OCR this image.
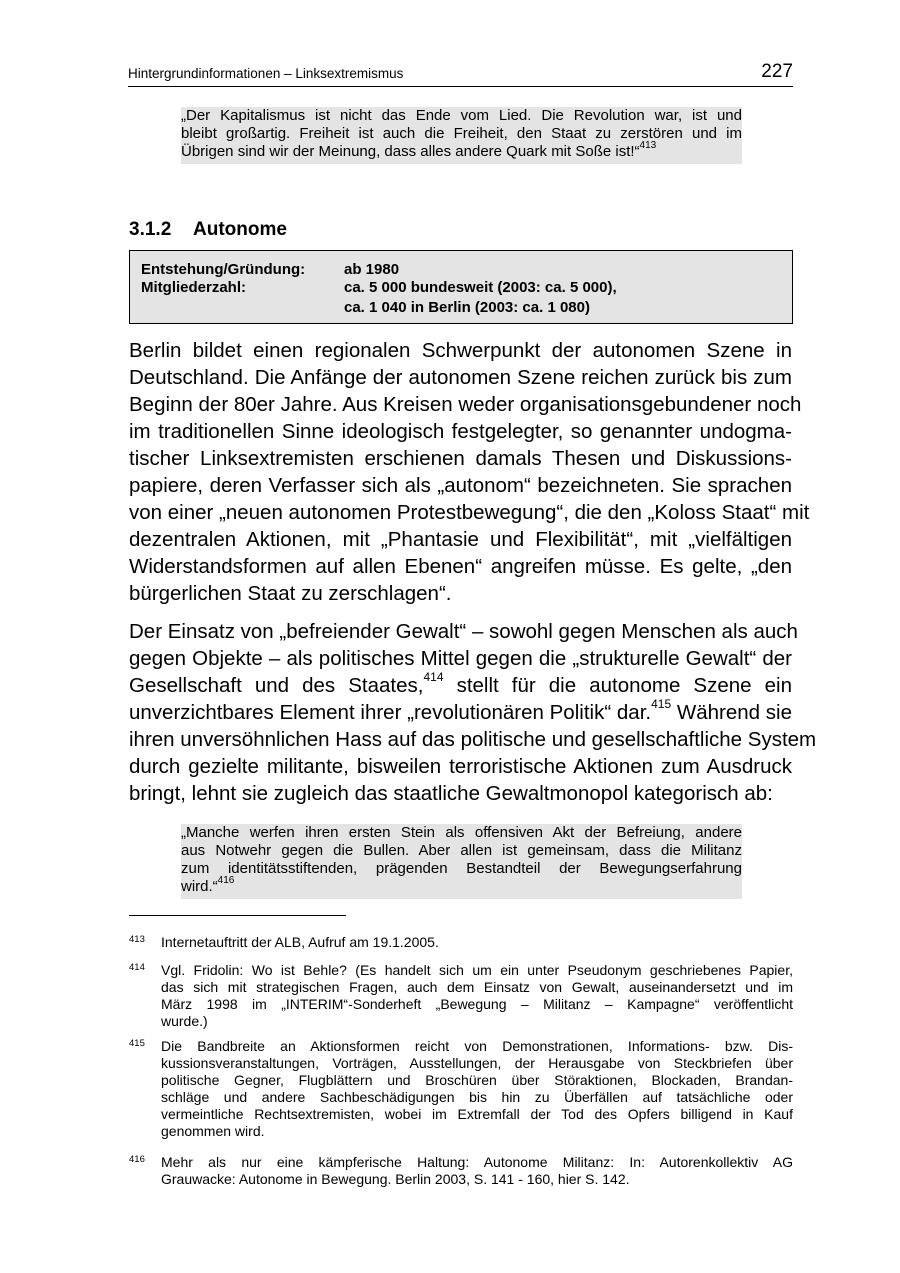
Hintergrundinformationen – Linksextremismus	227
„Der Kapitalismus ist nicht das Ende vom Lied. Die Revolution war, ist und
bleibt großartig. Freiheit ist auch die Freiheit, den Staat zu zerstören und im
Übrigen sind wir der Meinung, dass alles andere Quark mit Soße ist!“$^{413}$
3.1.2 Autonome
Entstehung/Gründung:	ab 1980
Mitgliederzahl:	ca. 5 000 bundesweit (2003: ca. 5 000),
ca. 1 040 in Berlin (2003: ca. 1 080)
Berlin bildet einen regionalen Schwerpunkt der autonomen Szene in
Deutschland. Die Anfänge der autonomen Szene reichen zurück bis zum
Beginn der 80er Jahre. Aus Kreisen weder organisationsgebundener noch
im traditionellen Sinne ideologisch festgelegter, so genannter undogma-
tischer Linksextremisten erschienen damals Thesen und Diskussions-
papiere, deren Verfasser sich als „autonom“ bezeichneten. Sie sprachen
von einer „neuen autonomen Protestbewegung“, die den „Koloss Staat“ mit
dezentralen Aktionen, mit „Phantasie und Flexibilität“, mit „vielfältigen
Widerstandsformen auf allen Ebenen“ angreifen müsse. Es gelte, „den
bürgerlichen Staat zu zerschlagen“.
Der Einsatz von „befreiender Gewalt“ – sowohl gegen Menschen als auch
gegen Objekte – als politisches Mittel gegen die „strukturelle Gewalt“ der
Gesellschaft und des Staates,$^{414}$ stellt für die autonome Szene ein
unverzichtbares Element ihrer „revolutionären Politik“ dar.$^{415}$ Während sie
ihren unversöhnlichen Hass auf das politische und gesellschaftliche System
durch gezielte militante, bisweilen terroristische Aktionen zum Ausdruck
bringt, lehnt sie zugleich das staatliche Gewaltmonopol kategorisch ab:
„Manche werfen ihren ersten Stein als offensiven Akt der Befreiung, andere
aus Notwehr gegen die Bullen. Aber allen ist gemeinsam, dass die Militanz
zum identitätsstiftenden, prägenden Bestandteil der Bewegungserfahrung
wird.“$^{416}$
413 Internetauftritt der ALB, Aufruf am 19.1.2005.
414 Vgl. Fridolin: Wo ist Behle? (Es handelt sich um ein unter Pseudonym geschriebenes Papier,
das sich mit strategischen Fragen, auch dem Einsatz von Gewalt, auseinandersetzt und im
März 1998 im „INTERIM“-Sonderheft „Bewegung – Militanz – Kampagne“ veröffentlicht
wurde.)
415 Die Bandbreite an Aktionsformen reicht von Demonstrationen, Informations- bzw. Dis-
kussionsveranstaltungen, Vorträgen, Ausstellungen, der Herausgabe von Steckbriefen über
politische Gegner, Flugblättern und Broschüren über Störaktionen, Blockaden, Brandan-
schläge und andere Sachbeschädigungen bis hin zu Überfällen auf tatsächliche oder
vermeintliche Rechtsextremisten, wobei im Extremfall der Tod des Opfers billigend in Kauf
genommen wird.
416 Mehr als nur eine kämpferische Haltung: Autonome Militanz: In: Autorenkollektiv AG
Grauwacke: Autonome in Bewegung. Berlin 2003, S. 141 - 160, hier S. 142.
